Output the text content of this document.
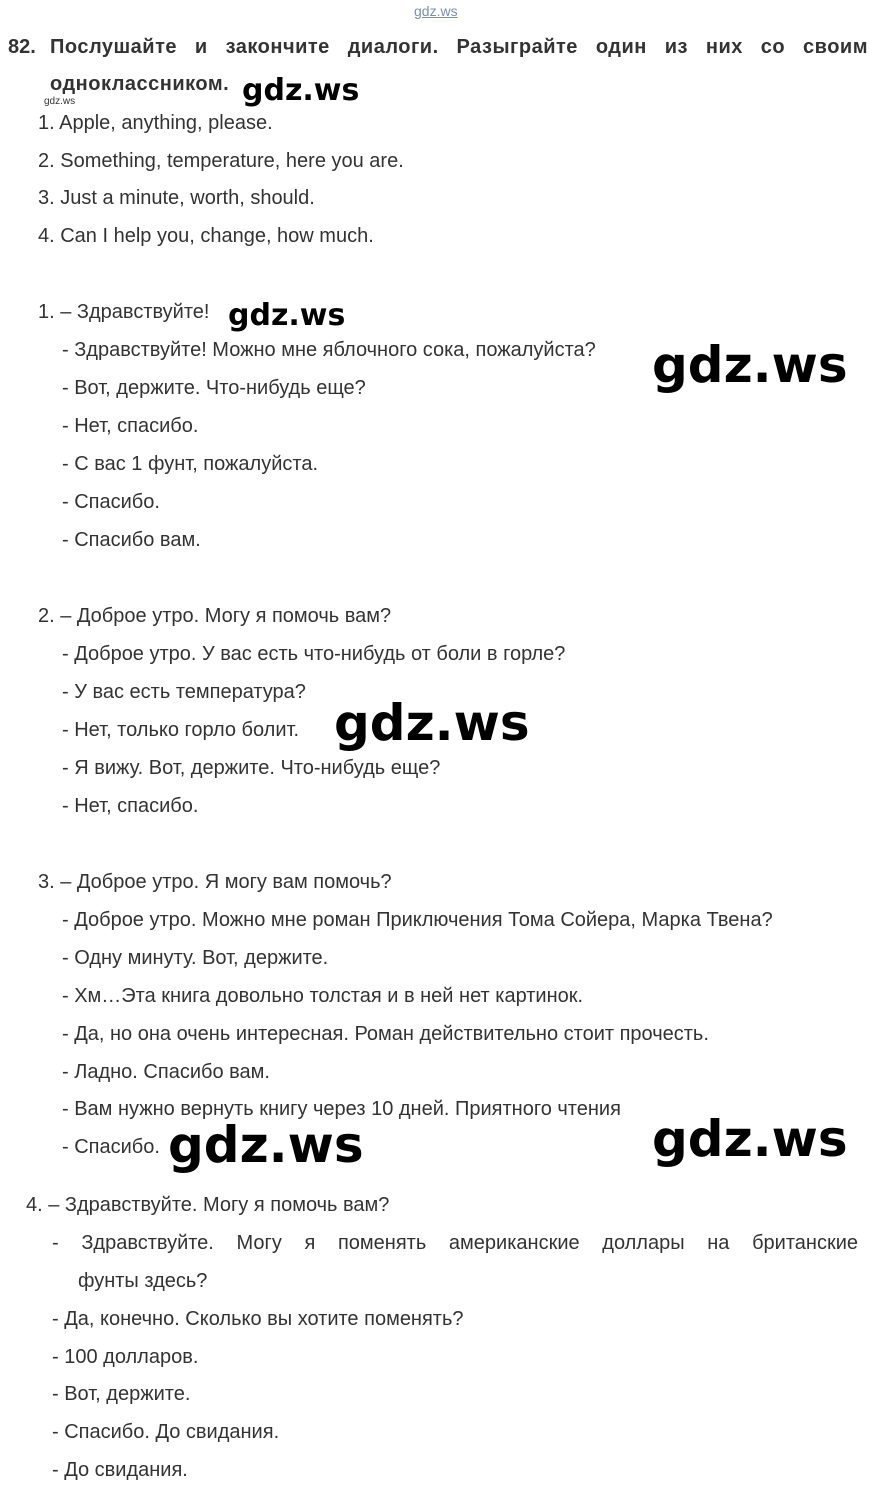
gdz.ws
gdz.ws
82. Послушайте и закончите диалоги. Разыграйте один из них со своим
одноклассником.
1. Apple, anything, please.
2. Something, temperature, here you are.
3. Just a minute, worth, should.
4. Can I help you, change, how much.
1. – Здравствуйте!
- Здравствуйте! Можно мне яблочного сока, пожалуйста?
- Вот, держите. Что-нибудь еще?
- Нет, спасибо.
- С вас 1 фунт, пожалуйста.
- Спасибо.
- Спасибо вам.
2. – Доброе утро. Могу я помочь вам?
- Доброе утро. У вас есть что-нибудь от боли в горле?
- У вас есть температура?
- Нет, только горло болит.
- Я вижу. Вот, держите. Что-нибудь еще?
- Нет, спасибо.
3. – Доброе утро. Я могу вам помочь?
- Доброе утро. Можно мне роман Приключения Тома Сойера, Марка Твена?
- Одну минуту. Вот, держите.
- Хм…Эта книга довольно толстая и в ней нет картинок.
- Да, но она очень интересная. Роман действительно стоит прочесть.
- Ладно. Спасибо вам.
- Вам нужно вернуть книгу через 10 дней. Приятного чтения
- Спасибо.
4. – Здравствуйте. Могу я помочь вам?
- Здравствуйте. Могу я поменять американские доллары на британские
фунты здесь?
- Да, конечно. Сколько вы хотите поменять?
- 100 долларов.
- Вот, держите.
- Спасибо. До свидания.
- До свидания.
gdz.ws
gdz.ws
gdz.ws
gdz.ws
gdz.ws	gdz.ws
